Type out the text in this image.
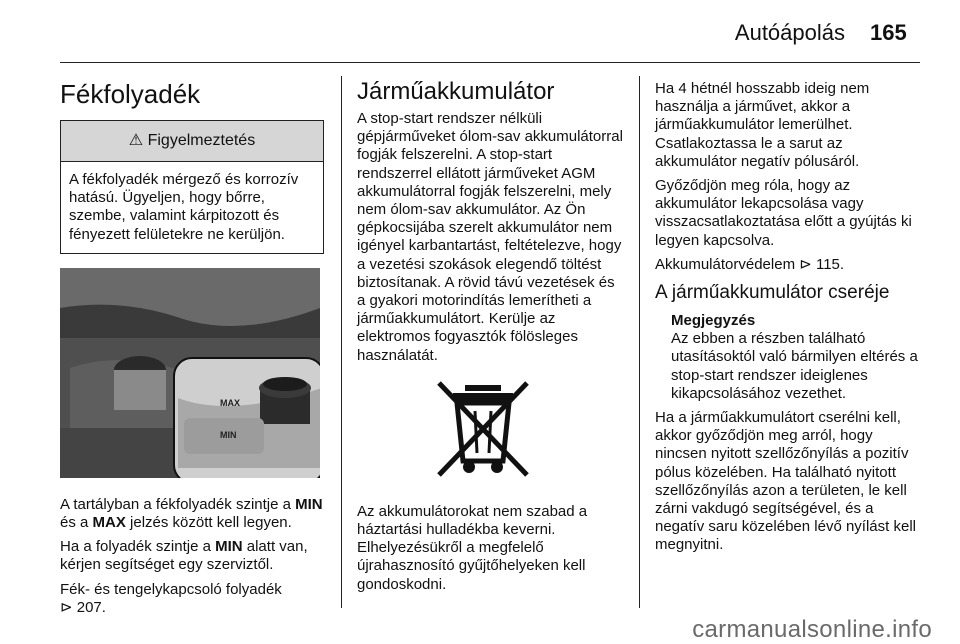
Autóápolás 165
Fékfolyadék
⚠ Figyelmeztetés
A fékfolyadék mérgező és korrozív hatású. Ügyeljen, hogy bőrre, szembe, valamint kárpitozott és fényezett felületekre ne kerüljön.
MAX
MIN

A tartályban a fékfolyadék szintje a MIN és a MAX jelzés között kell legyen.

Ha a folyadék szintje a MIN alatt van, kérjen segítséget egy szerviztől.

Fék- és tengelykapcsoló folyadék
⊳ 207.

Járműakkumulátor

A stop-start rendszer nélküli gépjárműveket ólom-sav akkumulátorral fogják felszerelni. A stop-start rendszerrel ellátott járműveket AGM akkumulátorral fogják felszerelni, mely nem ólom-sav akkumulátor. Az Ön gépkocsijába szerelt akkumulátor nem igényel karbantartást, feltételezve, hogy a vezetési szokások elegendő töltést biztosítanak. A rövid távú vezetések és a gyakori motorindítás lemerítheti a járműakkumulátort. Kerülje az elektromos fogyasztók fölösleges használatát.

Az akkumulátorokat nem szabad a háztartási hulladékba keverni. Elhelyezésükről a megfelelő újrahasznosító gyűjtőhelyeken kell gondoskodni.

Ha 4 hétnél hosszabb ideig nem használja a járművet, akkor a járműakkumulátor lemerülhet. Csatlakoztassa le a sarut az akkumulátor negatív pólusáról.

Győződjön meg róla, hogy az akkumulátor lekapcsolása vagy visszacsatlakoztatása előtt a gyújtás ki legyen kapcsolva.

Akkumulátorvédelem ⊳ 115.

A járműakkumulátor cseréje
Megjegyzés
Az ebben a részben található utasításoktól való bármilyen eltérés a stop-start rendszer ideiglenes kikapcsolásához vezethet.

Ha a járműakkumulátort cserélni kell, akkor győződjön meg arról, hogy nincsen nyitott szellőzőnyílás a pozitív pólus közelében. Ha található nyitott szellőzőnyílás azon a területen, le kell zárni vakdugó segítségével, és a negatív saru közelében lévő nyílást kell megnyitni.

carmanualsonline.info
